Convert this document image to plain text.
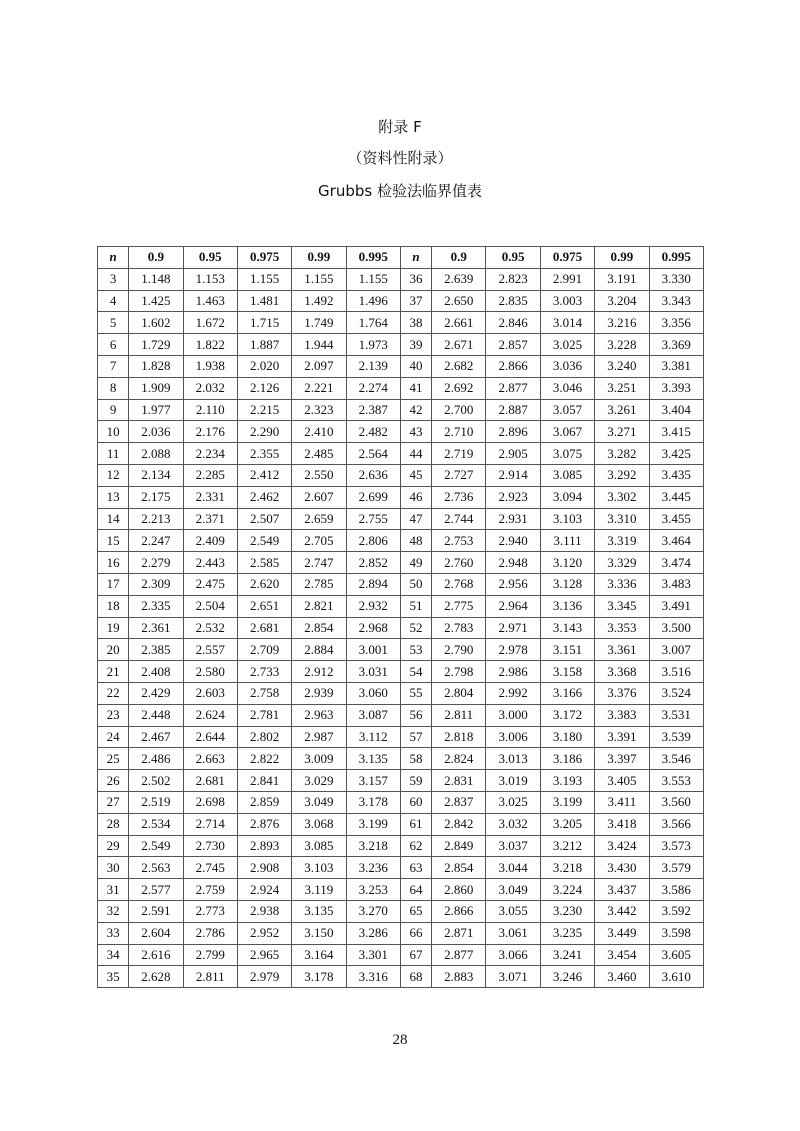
附录 F
（资料性附录）
Grubbs 检验法临界值表
n	0.9	0.95	0.975	0.99	0.995	n	0.9	0.95	0.975	0.99	0.995
3	1.148	1.153	1.155	1.155	1.155	36	2.639	2.823	2.991	3.191	3.330
4	1.425	1.463	1.481	1.492	1.496	37	2.650	2.835	3.003	3.204	3.343
5	1.602	1.672	1.715	1.749	1.764	38	2.661	2.846	3.014	3.216	3.356
6	1.729	1.822	1.887	1.944	1.973	39	2.671	2.857	3.025	3.228	3.369
7	1.828	1.938	2.020	2.097	2.139	40	2.682	2.866	3.036	3.240	3.381
8	1.909	2.032	2.126	2.221	2.274	41	2.692	2.877	3.046	3.251	3.393
9	1.977	2.110	2.215	2.323	2.387	42	2.700	2.887	3.057	3.261	3.404
10	2.036	2.176	2.290	2.410	2.482	43	2.710	2.896	3.067	3.271	3.415
11	2.088	2.234	2.355	2.485	2.564	44	2.719	2.905	3.075	3.282	3.425
12	2.134	2.285	2.412	2.550	2.636	45	2.727	2.914	3.085	3.292	3.435
13	2.175	2.331	2.462	2.607	2.699	46	2.736	2.923	3.094	3.302	3.445
14	2.213	2.371	2.507	2.659	2.755	47	2.744	2.931	3.103	3.310	3.455
15	2.247	2.409	2.549	2.705	2.806	48	2.753	2.940	3.111	3.319	3.464
16	2.279	2.443	2.585	2.747	2.852	49	2.760	2.948	3.120	3.329	3.474
17	2.309	2.475	2.620	2.785	2.894	50	2.768	2.956	3.128	3.336	3.483
18	2.335	2.504	2.651	2.821	2.932	51	2.775	2.964	3.136	3.345	3.491
19	2.361	2.532	2.681	2.854	2.968	52	2.783	2.971	3.143	3.353	3.500
20	2.385	2.557	2.709	2.884	3.001	53	2.790	2.978	3.151	3.361	3.007
21	2.408	2.580	2.733	2.912	3.031	54	2.798	2.986	3.158	3.368	3.516
22	2.429	2.603	2.758	2.939	3.060	55	2.804	2.992	3.166	3.376	3.524
23	2.448	2.624	2.781	2.963	3.087	56	2.811	3.000	3.172	3.383	3.531
24	2.467	2.644	2.802	2.987	3.112	57	2.818	3.006	3.180	3.391	3.539
25	2.486	2.663	2.822	3.009	3.135	58	2.824	3.013	3.186	3.397	3.546
26	2.502	2.681	2.841	3.029	3.157	59	2.831	3.019	3.193	3.405	3.553
27	2.519	2.698	2.859	3.049	3.178	60	2.837	3.025	3.199	3.411	3.560
28	2.534	2.714	2.876	3.068	3.199	61	2.842	3.032	3.205	3.418	3.566
29	2.549	2.730	2.893	3.085	3.218	62	2.849	3.037	3.212	3.424	3.573
30	2.563	2.745	2.908	3.103	3.236	63	2.854	3.044	3.218	3.430	3.579
31	2.577	2.759	2.924	3.119	3.253	64	2.860	3.049	3.224	3.437	3.586
32	2.591	2.773	2.938	3.135	3.270	65	2.866	3.055	3.230	3.442	3.592
33	2.604	2.786	2.952	3.150	3.286	66	2.871	3.061	3.235	3.449	3.598
34	2.616	2.799	2.965	3.164	3.301	67	2.877	3.066	3.241	3.454	3.605
35	2.628	2.811	2.979	3.178	3.316	68	2.883	3.071	3.246	3.460	3.610
28
